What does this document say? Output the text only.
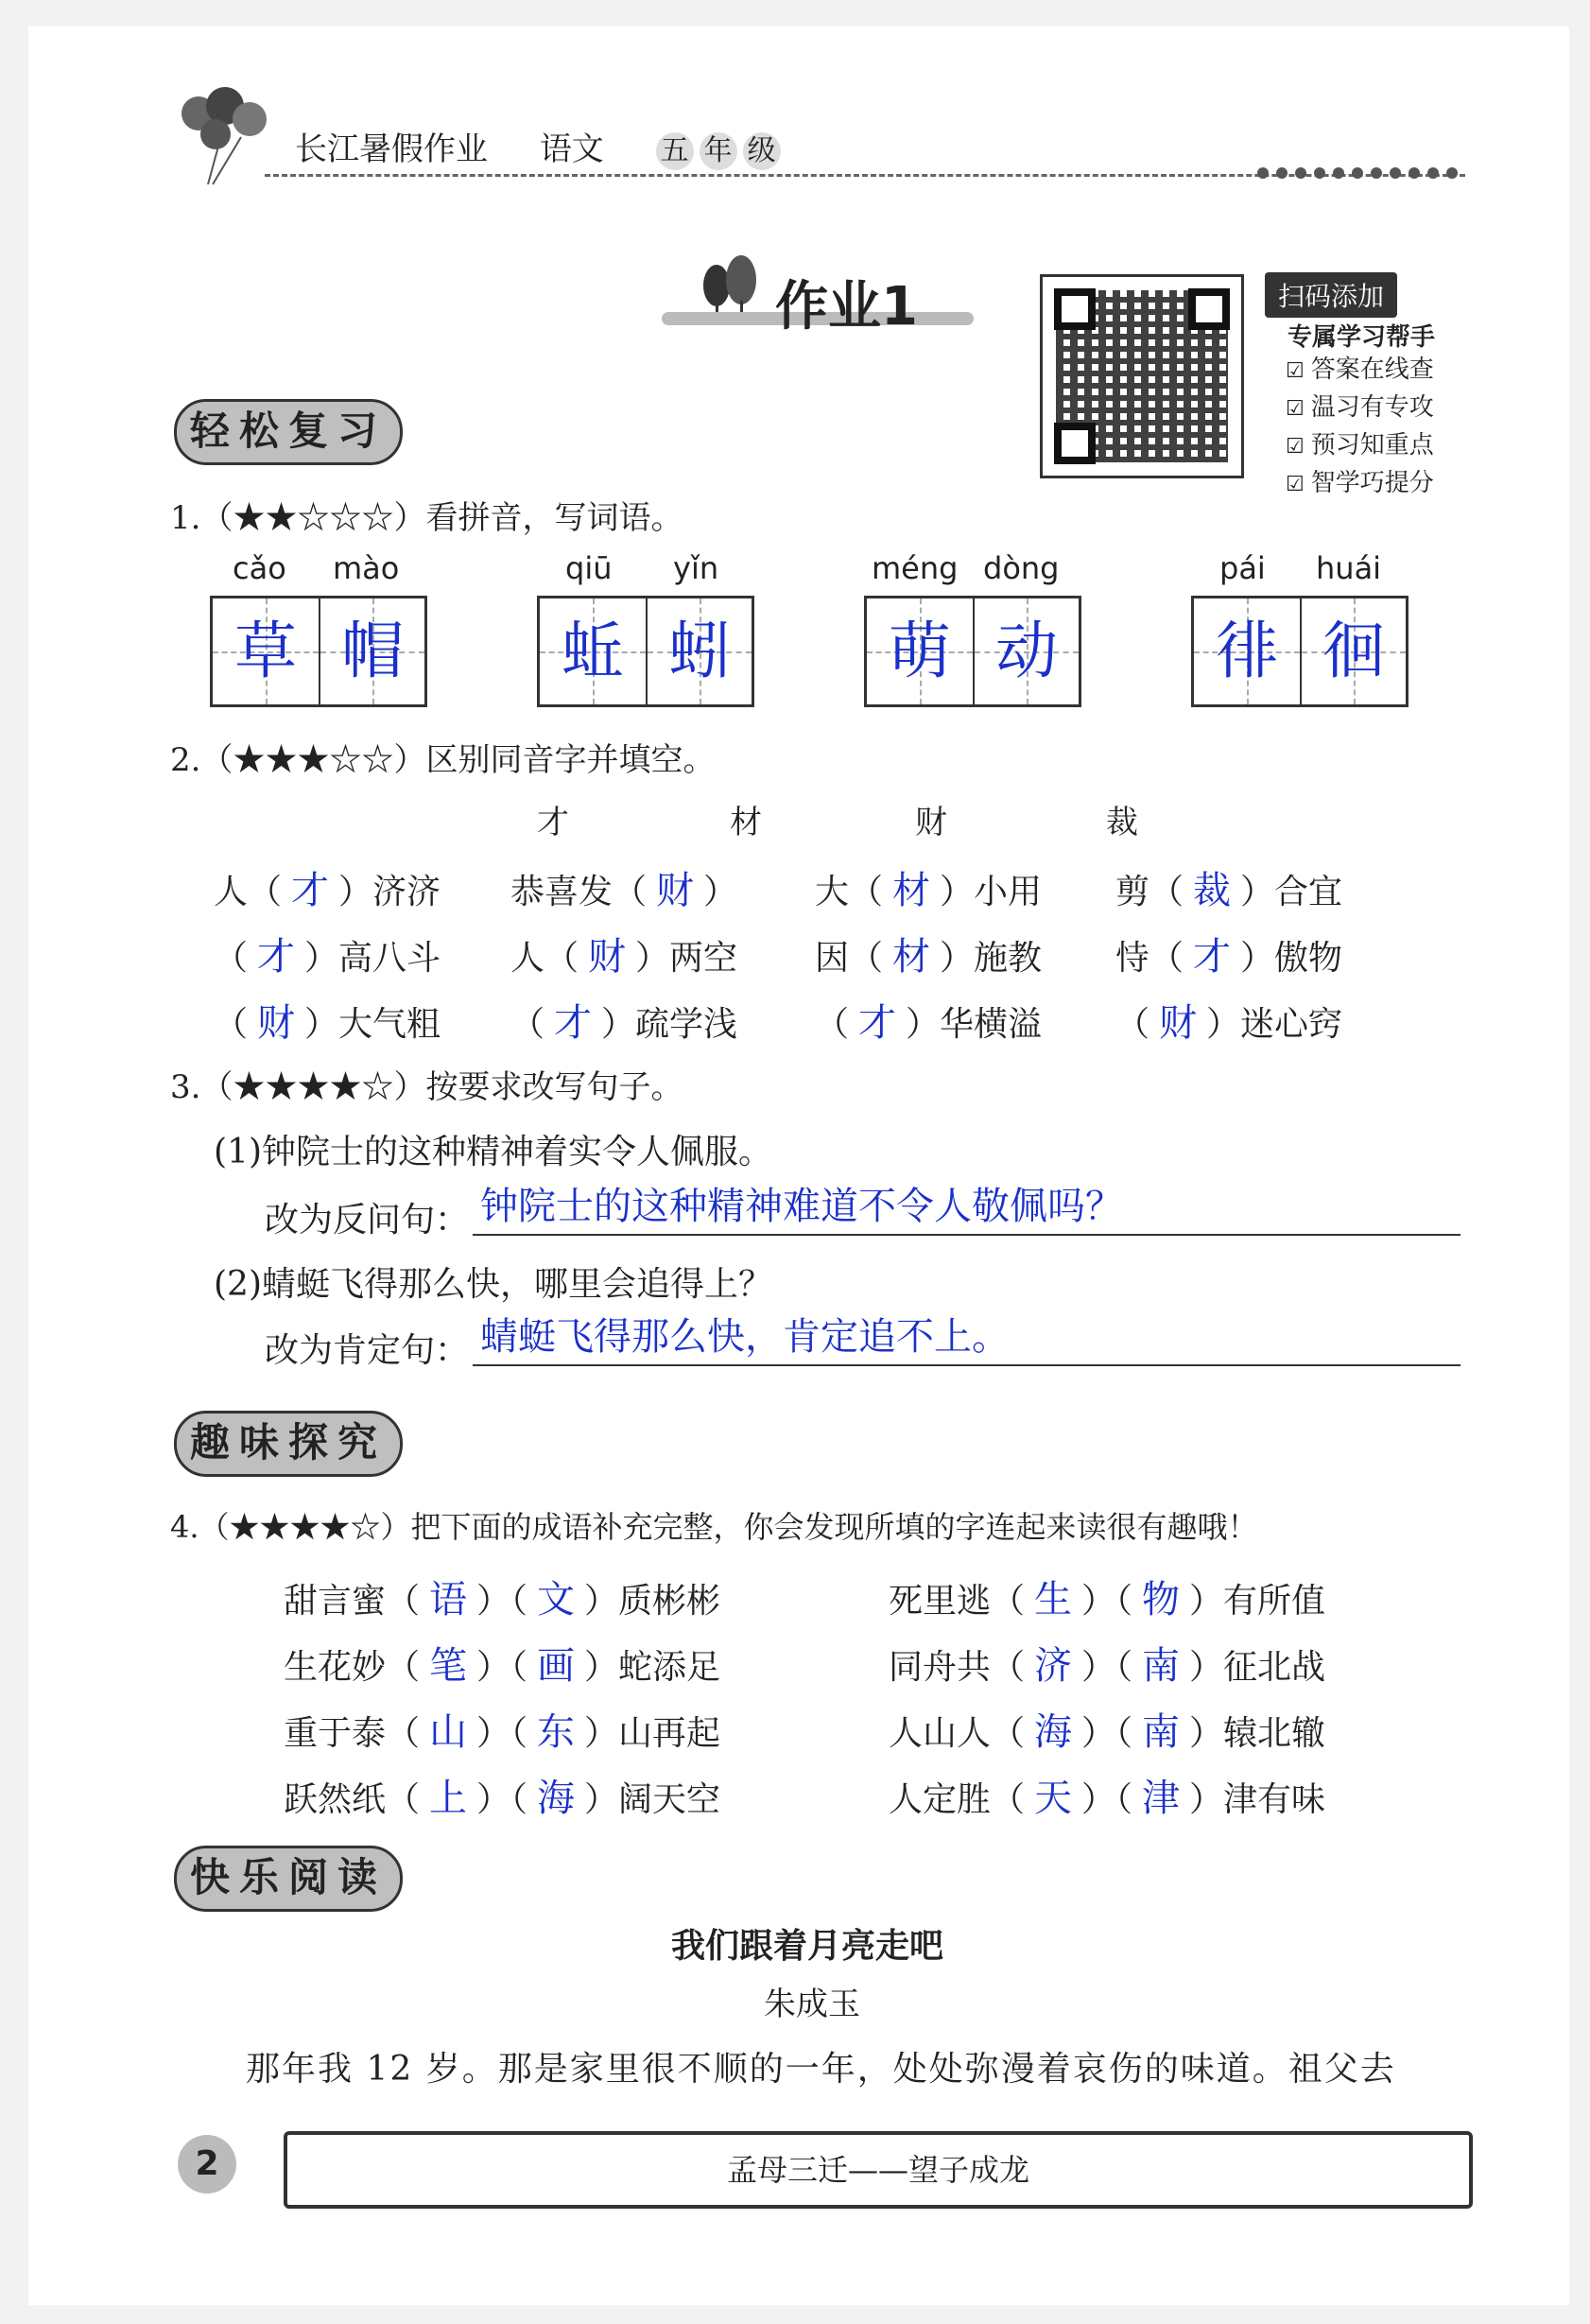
长江暑假作业 语文 五 年 级
作业1	扫码添加
专属学习帮手
☑ 答案在线查
☑ 温习有专攻
☑ 预习知重点
☑ 智学巧提分
轻松复习
1.（★★☆☆☆）看拼音，写词语。
cǎo mào
草 帽
qiū yǐn
蚯 蚓
méng dòng
萌 动
pái huái
徘 徊
2.（★★★☆☆）区别同音字并填空。
才	材	财	裁
人（ 才 ）济济 恭喜发（ 财 ） 大（ 材 ）小用 剪（ 裁 ）合宜
（ 才 ）高八斗 人（ 财 ）两空 因（ 材 ）施教 恃（ 才 ）傲物
（ 财 ）大气粗 （ 才 ）疏学浅 （ 才 ）华横溢 （ 财 ）迷心窍
3.（★★★★☆）按要求改写句子。
(1)钟院士的这种精神着实令人佩服。
改为反问句： 钟院士的这种精神难道不令人敬佩吗？
(2)蜻蜓飞得那么快，哪里会追得上？
改为肯定句： 蜻蜓飞得那么快，肯定追不上。
趣味探究
4.（★★★★☆）把下面的成语补充完整，你会发现所填的字连起来读很有趣哦！
甜言蜜（ 语 ）（ 文 ）质彬彬	死里逃（ 生 ）（ 物 ）有所值
生花妙（ 笔 ）（ 画 ）蛇添足	同舟共（ 济 ）（ 南 ）征北战
重于泰（ 山 ）（ 东 ）山再起	人山人（ 海 ）（ 南 ）辕北辙
跃然纸（ 上 ）（ 海 ）阔天空	人定胜（ 天 ）（ 津 ）津有味
快乐阅读
我们跟着月亮走吧
朱成玉
那年我 12 岁。那是家里很不顺的一年，处处弥漫着哀伤的味道。祖父去
2	孟母三迁——望子成龙
